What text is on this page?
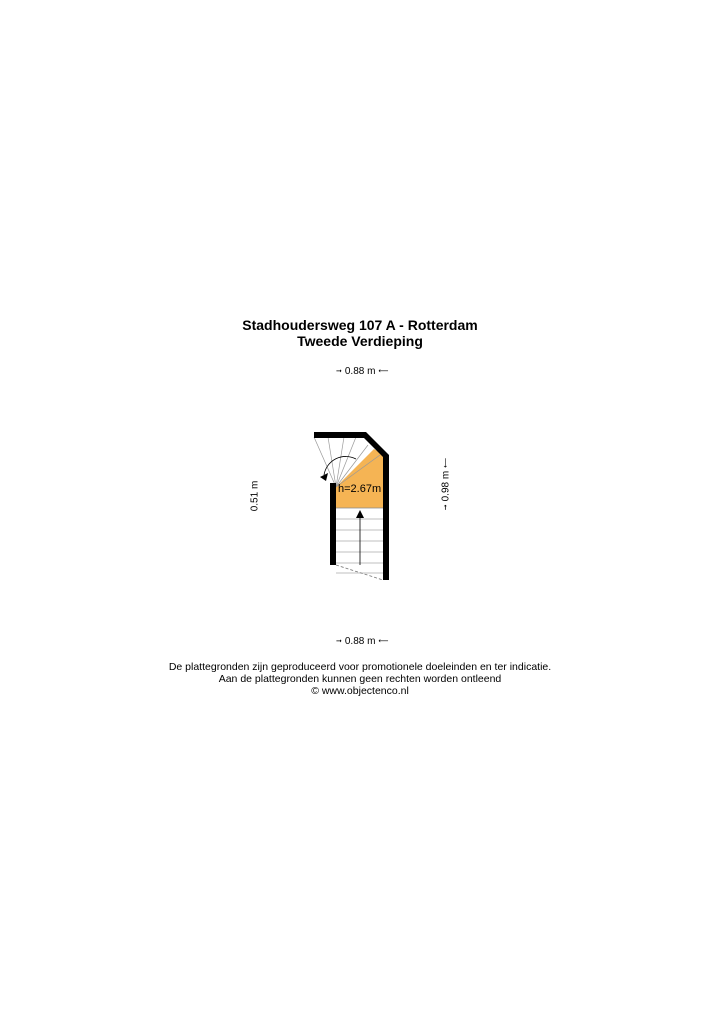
Stadhoudersweg 107 A - Rotterdam
Tweede Verdieping
➞ 0.88 m ⟵
0.51 m	➞
0.98 m
⟵
h=2.67m
➞ 0.88 m ⟵
De plattegronden zijn geproduceerd voor promotionele doeleinden en ter indicatie.
Aan de plattegronden kunnen geen rechten worden ontleend
© www.objectenco.nl
